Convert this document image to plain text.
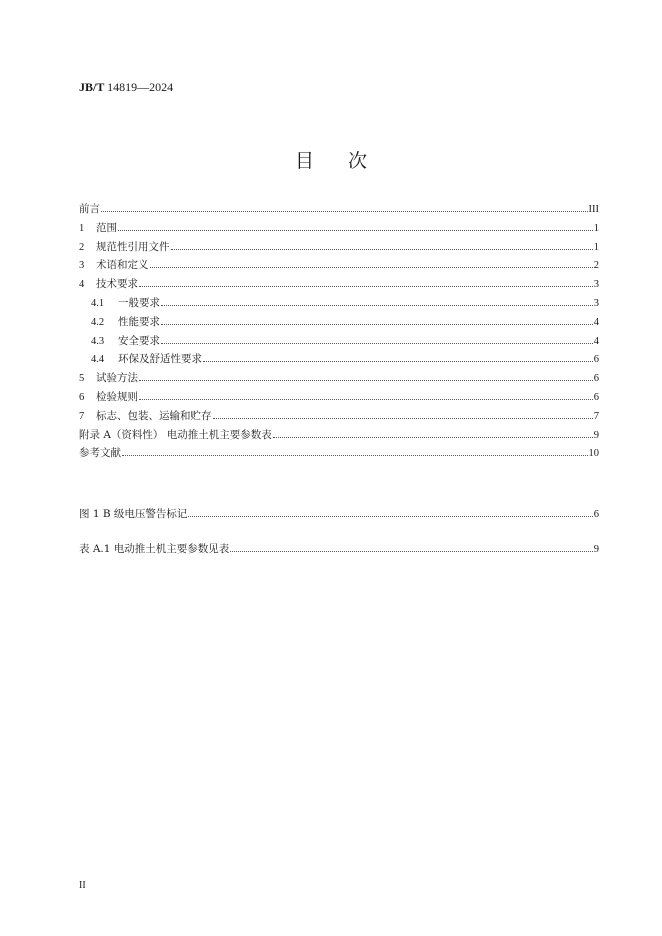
JB/T 14819—2024
目次
前言	III
1	范围	1
2	规范性引用文件	1
3	术语和定义	2
4	技术要求	3
4.1	一般要求	3
4.2	性能要求	4
4.3	安全要求	4
4.4	环保及舒适性要求	6
5	试验方法	6
6	检验规则	6
7	标志、包装、运输和贮存	7
附录 A（资料性） 电动推土机主要参数表	9
参考文献	10
图 1 B 级电压警告标记	6
表 A.1 电动推土机主要参数见表	9
II
